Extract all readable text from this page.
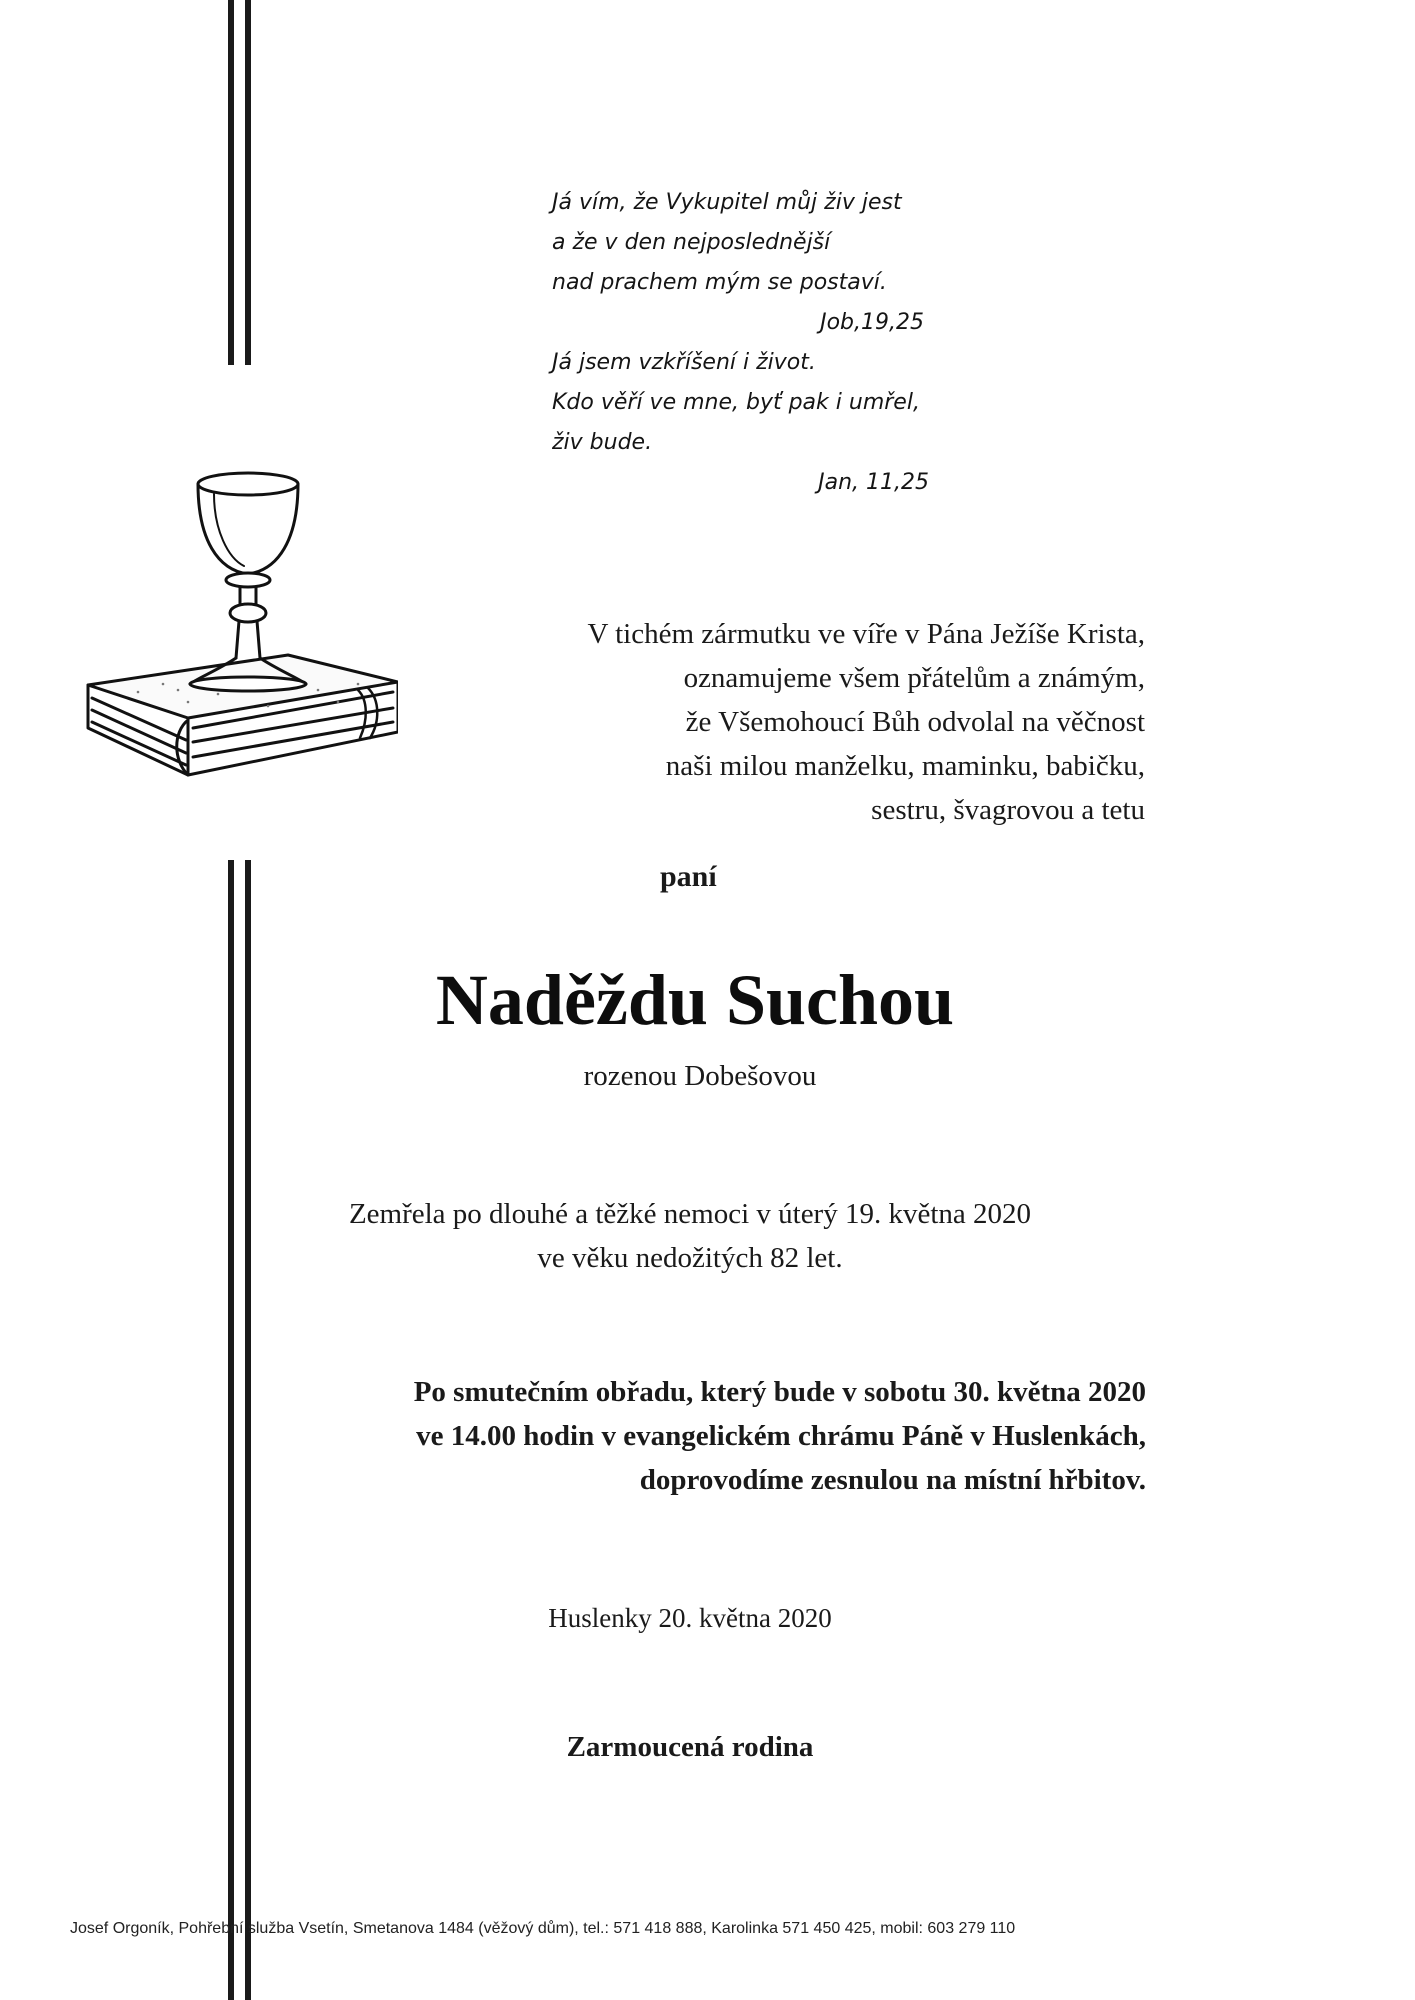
Já vím, že Vykupitel můj živ jest
a že v den nejposlednější
nad prachem mým se postaví.
Job,19,25
Já jsem vzkříšení i život.
Kdo věří ve mne, byť pak i umřel,
živ bude.
Jan, 11,25
V tichém zármutku ve víře v Pána Ježíše Krista,
oznamujeme všem přátelům a známým,
že Všemohoucí Bůh odvolal na věčnost
naši milou manželku, maminku, babičku,
sestru, švagrovou a tetu
paní
Naděždu Suchou
rozenou Dobešovou
Zemřela po dlouhé a těžké nemoci v úterý 19. května 2020
ve věku nedožitých 82 let.
Po smutečním obřadu, který bude v sobotu 30. května 2020
ve 14.00 hodin v evangelickém chrámu Páně v Huslenkách,
doprovodíme zesnulou na místní hřbitov.
Huslenky 20. května 2020
Zarmoucená rodina
Josef Orgoník, Pohřební služba Vsetín, Smetanova 1484 (věžový dům), tel.: 571 418 888, Karolinka 571 450 425, mobil: 603 279 110
